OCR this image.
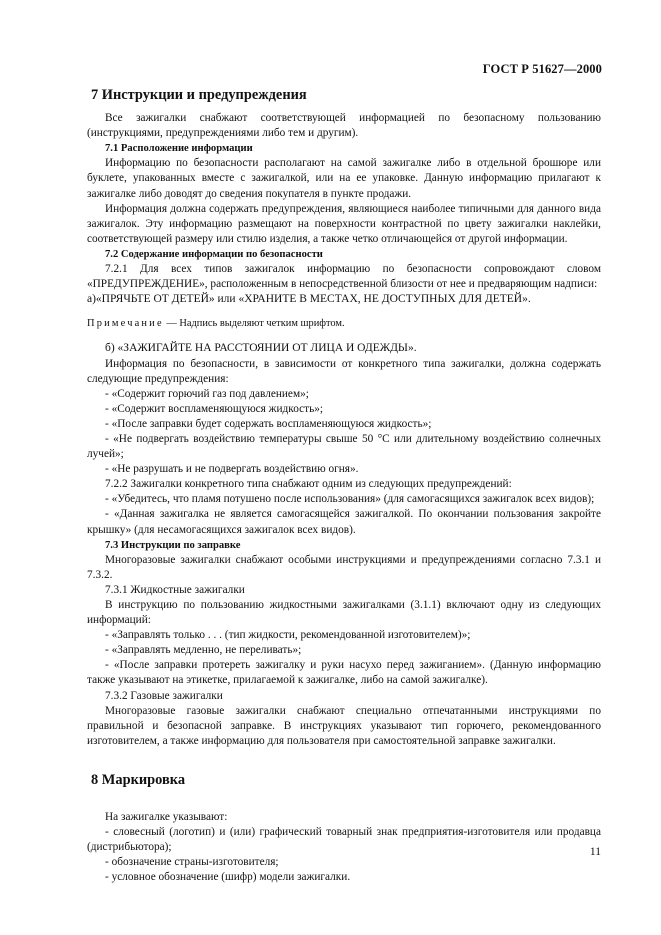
ГОСТ Р 51627—2000
7 Инструкции и предупреждения

Все зажигалки снабжают соответствующей информацией по безопасному пользованию (инструкциями, предупреждениями либо тем и другим).

7.1 Расположение информации

Информацию по безопасности располагают на самой зажигалке либо в отдельной брошюре или буклете, упакованных вместе с зажигалкой, или на ее упаковке. Данную информацию прилагают к зажигалке либо доводят до сведения покупателя в пункте продажи.

Информация должна содержать предупреждения, являющиеся наиболее типичными для данного вида зажигалок. Эту информацию размещают на поверхности контрастной по цвету зажигалки наклейки, соответствующей размеру или стилю изделия, а также четко отличающейся от другой информации.

7.2 Содержание информации по безопасности

7.2.1 Для всех типов зажигалок информацию по безопасности сопровождают словом «ПРЕДУПРЕЖДЕНИЕ», расположенным в непосредственной близости от нее и предваряющим надписи:

а)«ПРЯЧЬТЕ ОТ ДЕТЕЙ» или «ХРАНИТЕ В МЕСТАХ, НЕ ДОСТУПНЫХ ДЛЯ ДЕТЕЙ».

Примечание — Надпись выделяют четким шрифтом.

б) «ЗАЖИГАЙТЕ НА РАССТОЯНИИ ОТ ЛИЦА И ОДЕЖДЫ».

Информация по безопасности, в зависимости от конкретного типа зажигалки, должна содержать следующие предупреждения:

- «Содержит горючий газ под давлением»;

- «Содержит воспламеняющуюся жидкость»;

- «После заправки будет содержать воспламеняющуюся жидкость»;

- «Не подвергать воздействию температуры свыше 50 °С или длительному воздействию солнечных лучей»;

- «Не разрушать и не подвергать воздействию огня».

7.2.2 Зажигалки конкретного типа снабжают одним из следующих предупреждений:

- «Убедитесь, что пламя потушено после использования» (для самогасящихся зажигалок всех видов);

- «Данная зажигалка не является самогасящейся зажигалкой. По окончании пользования закройте крышку» (для несамогасящихся зажигалок всех видов).

7.3 Инструкции по заправке

Многоразовые зажигалки снабжают особыми инструкциями и предупреждениями согласно 7.3.1 и 7.3.2.

7.3.1 Жидкостные зажигалки

В инструкцию по пользованию жидкостными зажигалками (3.1.1) включают одну из следующих информаций:

- «Заправлять только . . . (тип жидкости, рекомендованной изготовителем)»;

- «Заправлять медленно, не переливать»;

- «После заправки протереть зажигалку и руки насухо перед зажиганием». (Данную информацию также указывают на этикетке, прилагаемой к зажигалке, либо на самой зажигалке).

7.3.2 Газовые зажигалки

Многоразовые газовые зажигалки снабжают специально отпечатанными инструкциями по правильной и безопасной заправке. В инструкциях указывают тип горючего, рекомендованного изготовителем, а также информацию для пользователя при самостоятельной заправке зажигалки.

8 Маркировка

На зажигалке указывают:

- словесный (логотип) и (или) графический товарный знак предприятия-изготовителя или продавца (дистрибьютора);

- обозначение страны-изготовителя;

- условное обозначение (шифр) модели зажигалки.

11
